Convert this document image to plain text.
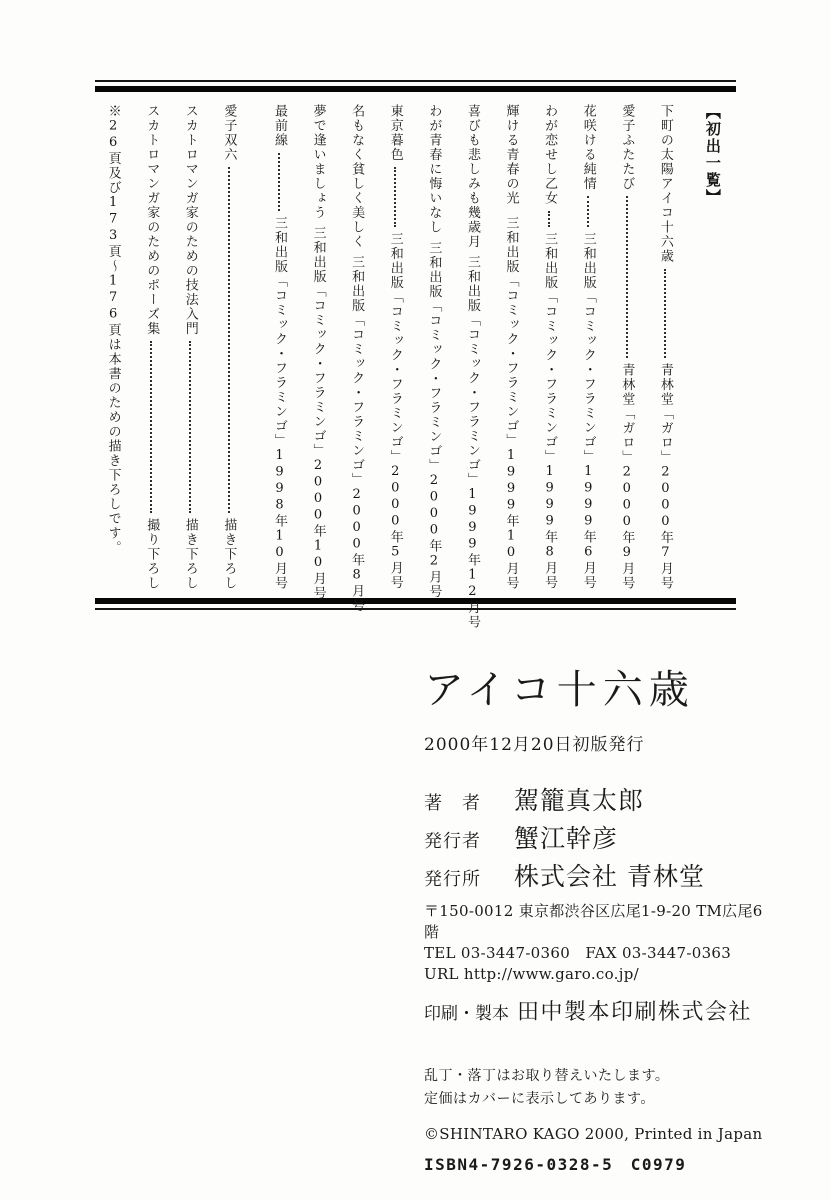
【初出一覧】
下町の太陽アイコ十六歳
青林堂「ガロ」2000年7月号
愛子ふたたび
青林堂「ガロ」2000年9月号
花咲ける純情
三和出版「コミック・フラミンゴ」1999年6月号
わが恋せし乙女
三和出版「コミック・フラミンゴ」1999年8月号
輝ける青春の光
三和出版「コミック・フラミンゴ」1999年10月号
喜びも悲しみも幾歳月
三和出版「コミック・フラミンゴ」1999年12月号
わが青春に悔いなし
三和出版「コミック・フラミンゴ」2000年2月号
東京暮色
三和出版「コミック・フラミンゴ」2000年5月号
名もなく貧しく美しく
三和出版「コミック・フラミンゴ」2000年8月号
夢で逢いましょう
三和出版「コミック・フラミンゴ」2000年10月号
最前線
三和出版「コミック・フラミンゴ」1998年10月号
愛子双六
描き下ろし
スカトロマンガ家のための技法入門
描き下ろし
スカトロマンガ家のためのポーズ集
撮り下ろし
※26頁及び173頁〜176頁は本書のための描き下ろしです。
アイコ十六歳
2000年12月20日初版発行
著　者	駕籠真太郎
発行者	蟹江幹彦
発行所	株式会社 青林堂
〒150-0012 東京都渋谷区広尾1-9-20 TM広尾6階
TEL 03-3447-0360　FAX 03-3447-0363
URL http://www.garo.co.jp/
印刷・製本 田中製本印刷株式会社
乱丁・落丁はお取り替えいたします。
定価はカバーに表示してあります。
©SHINTARO KAGO 2000, Printed in Japan
ISBN4-7926-0328-5　C0979
